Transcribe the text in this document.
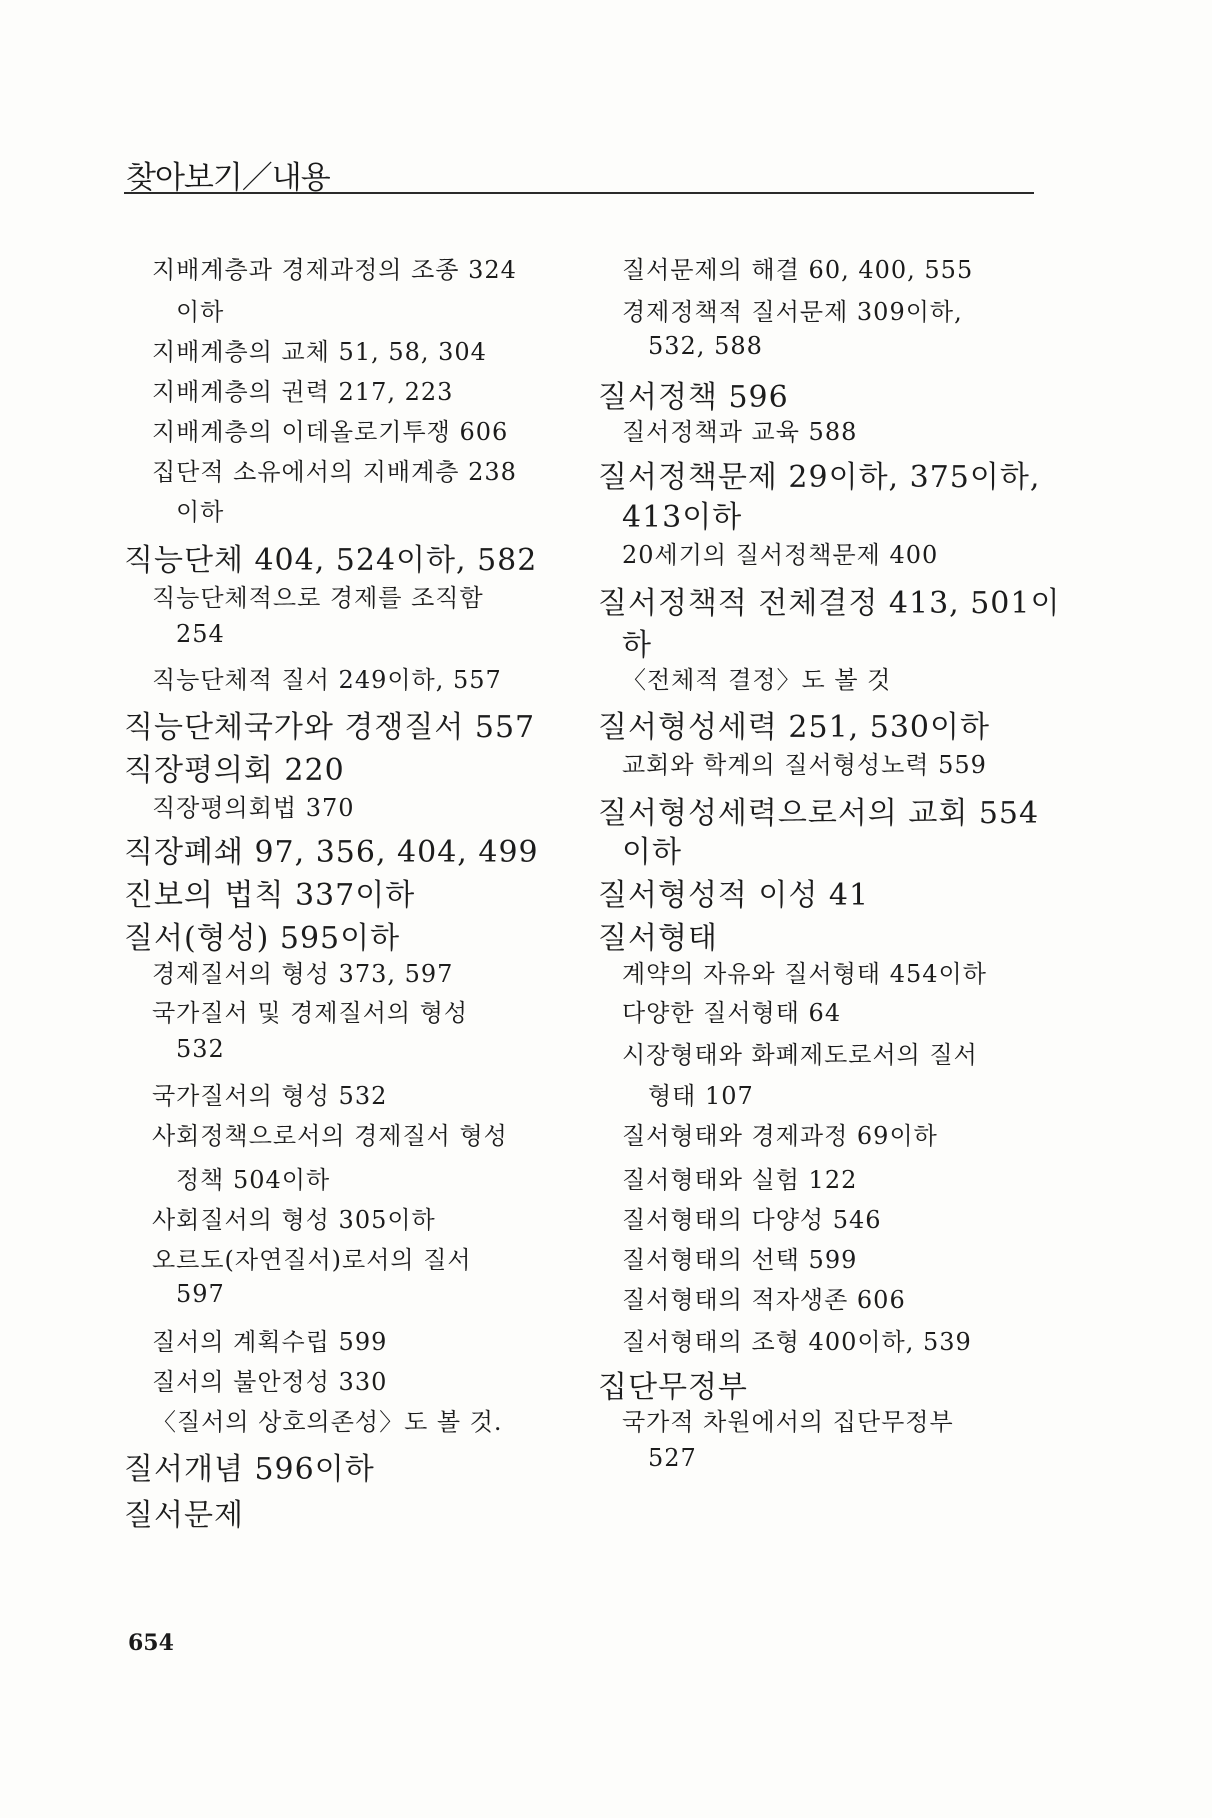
찾아보기／내용
지배계층과 경제과정의 조종 324
이하
지배계층의 교체 51, 58, 304
지배계층의 권력 217, 223
지배계층의 이데올로기투쟁 606
집단적 소유에서의 지배계층 238
이하
직능단체 404, 524이하, 582
직능단체적으로 경제를 조직함
254
직능단체적 질서 249이하, 557
직능단체국가와 경쟁질서 557
직장평의회 220
직장평의회법 370
직장폐쇄 97, 356, 404, 499
진보의 법칙 337이하
질서(형성) 595이하
경제질서의 형성 373, 597
국가질서 및 경제질서의 형성
532
국가질서의 형성 532
사회정책으로서의 경제질서 형성
정책 504이하
사회질서의 형성 305이하
오르도(자연질서)로서의 질서
597
질서의 계획수립 599
질서의 불안정성 330
〈질서의 상호의존성〉도 볼 것.
질서개념 596이하
질서문제
질서문제의 해결 60, 400, 555
경제정책적 질서문제 309이하,
532, 588
질서정책 596
질서정책과 교육 588
질서정책문제 29이하, 375이하,
413이하
20세기의 질서정책문제 400
질서정책적 전체결정 413, 501이
하
〈전체적 결정〉도 볼 것
질서형성세력 251, 530이하
교회와 학계의 질서형성노력 559
질서형성세력으로서의 교회 554
이하
질서형성적 이성 41
질서형태
계약의 자유와 질서형태 454이하
다양한 질서형태 64
시장형태와 화폐제도로서의 질서
형태 107
질서형태와 경제과정 69이하
질서형태와 실험 122
질서형태의 다양성 546
질서형태의 선택 599
질서형태의 적자생존 606
질서형태의 조형 400이하, 539
집단무정부
국가적 차원에서의 집단무정부
527
654
